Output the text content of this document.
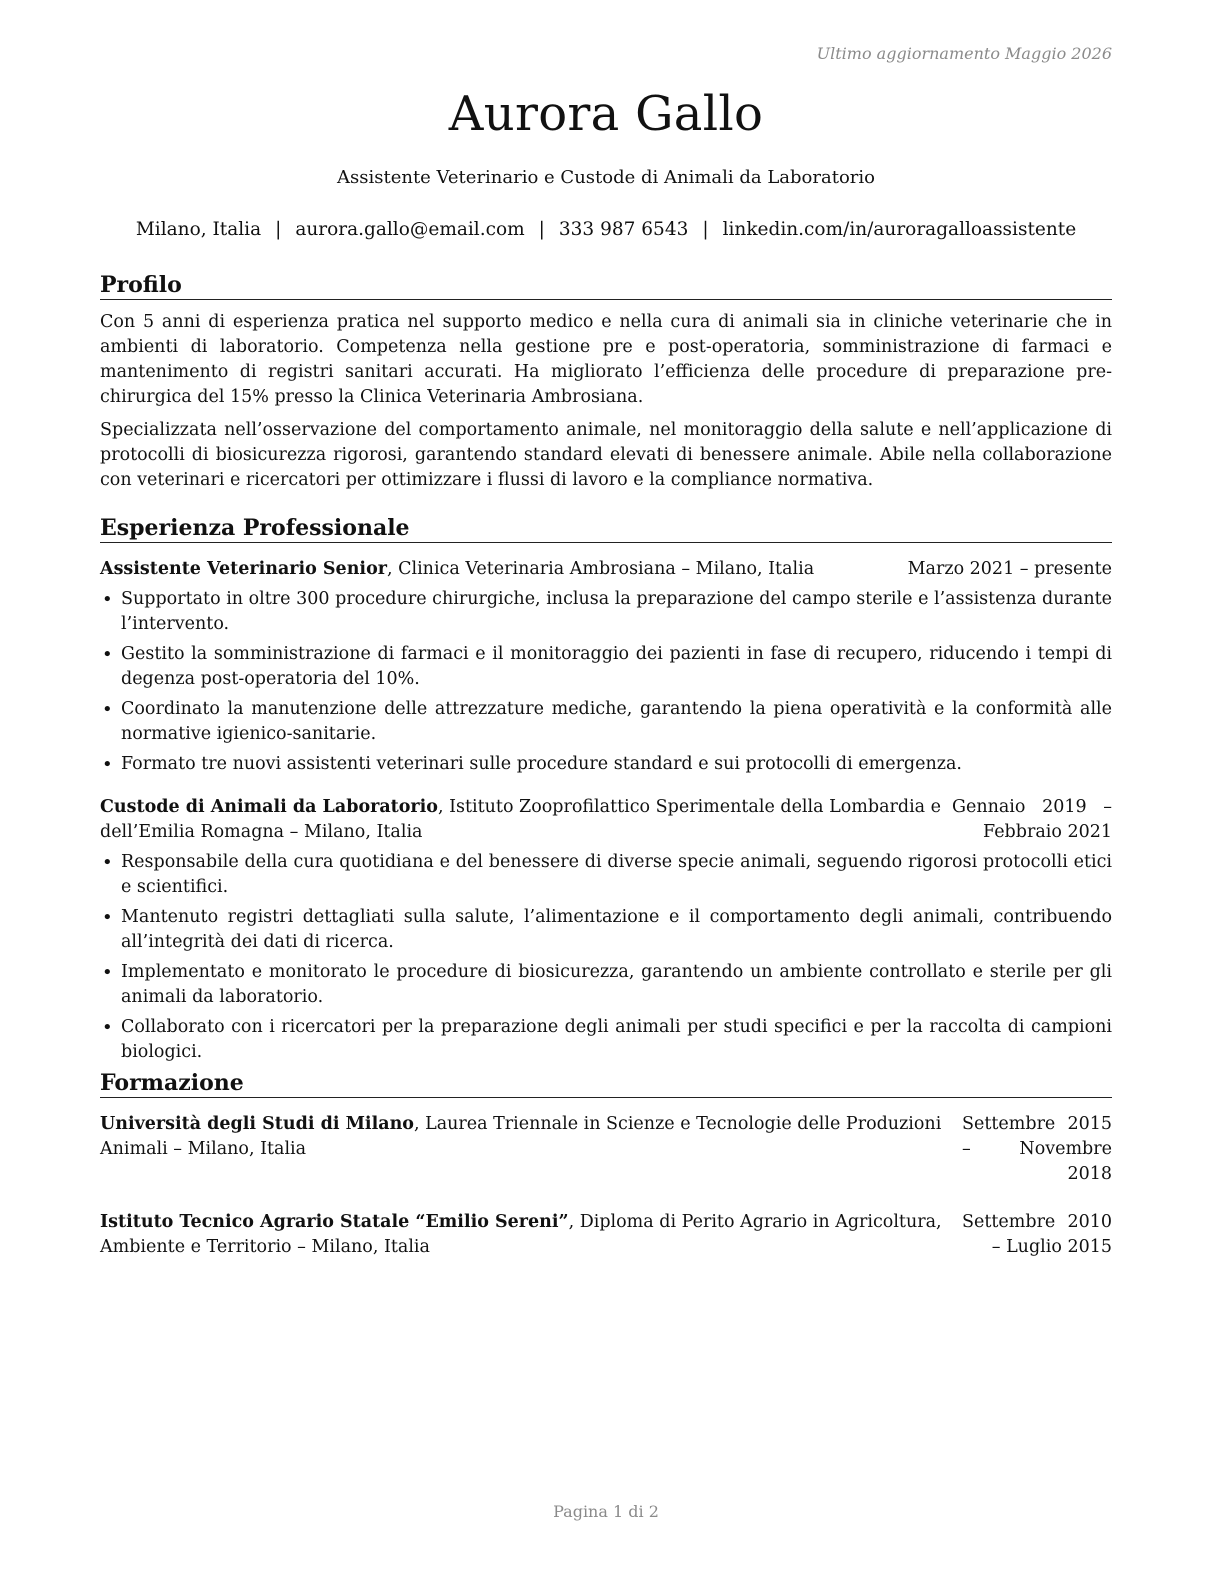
Ultimo aggiornamento Maggio 2026
Aurora Gallo

Assistente Veterinario e Custode di Animali da Laboratorio

Milano, Italia | aurora.gallo@email.com | 333 987 6543 | linkedin.com/in/auroragalloassistente
Profilo

Con 5 anni di esperienza pratica nel supporto medico e nella cura di animali sia in cliniche veterinarie che in ambienti di laboratorio. Competenza nella gestione pre e post-operatoria, somministrazione di farmaci e mantenimento di registri sanitari accurati. Ha migliorato l’efficienza delle procedure di preparazione pre-chirurgica del 15% presso la Clinica Veterinaria Ambrosiana.

Specializzata nell’osservazione del comportamento animale, nel monitoraggio della salute e nell’applicazione di protocolli di biosicurezza rigorosi, garantendo standard elevati di benessere animale. Abile nella collaborazione con veterinari e ricercatori per ottimizzare i flussi di lavoro e la compliance normativa.

Esperienza Professionale
Assistente Veterinario Senior, Clinica Veterinaria Ambrosiana – Milano, Italia	Marzo 2021 – presente
• Supportato in oltre 300 procedure chirurgiche, inclusa la preparazione del campo sterile e l’assistenza durante l’intervento.
• Gestito la somministrazione di farmaci e il monitoraggio dei pazienti in fase di recupero, riducendo i tempi di degenza post-operatoria del 10%.
• Coordinato la manutenzione delle attrezzature mediche, garantendo la piena operatività e la conformità alle normative igienico-sanitarie.
• Formato tre nuovi assistenti veterinari sulle procedure standard e sui protocolli di emergenza.
Custode di Animali da Laboratorio, Istituto Zooprofilattico Sperimentale della Lombardia e dell’Emilia Romagna – Milano, Italia
Gennaio 2019 – Febbraio 2021
• Responsabile della cura quotidiana e del benessere di diverse specie animali, seguendo rigorosi protocolli etici e scientifici.
• Mantenuto registri dettagliati sulla salute, l’alimentazione e il comportamento degli animali, contribuendo all’integrità dei dati di ricerca.
• Implementato e monitorato le procedure di biosicurezza, garantendo un ambiente controllato e sterile per gli animali da laboratorio.
• Collaborato con i ricercatori per la preparazione degli animali per studi specifici e per la raccolta di campioni biologici.
Formazione
Università degli Studi di Milano, Laurea Triennale in Scienze e Tecnologie delle Produzioni Animali – Milano, Italia
Settembre 2015 – Novembre 2018
Istituto Tecnico Agrario Statale “Emilio Sereni”, Diploma di Perito Agrario in Agricoltura, Ambiente e Territorio – Milano, Italia
Settembre 2010 – Luglio 2015
Pagina 1 di 2
